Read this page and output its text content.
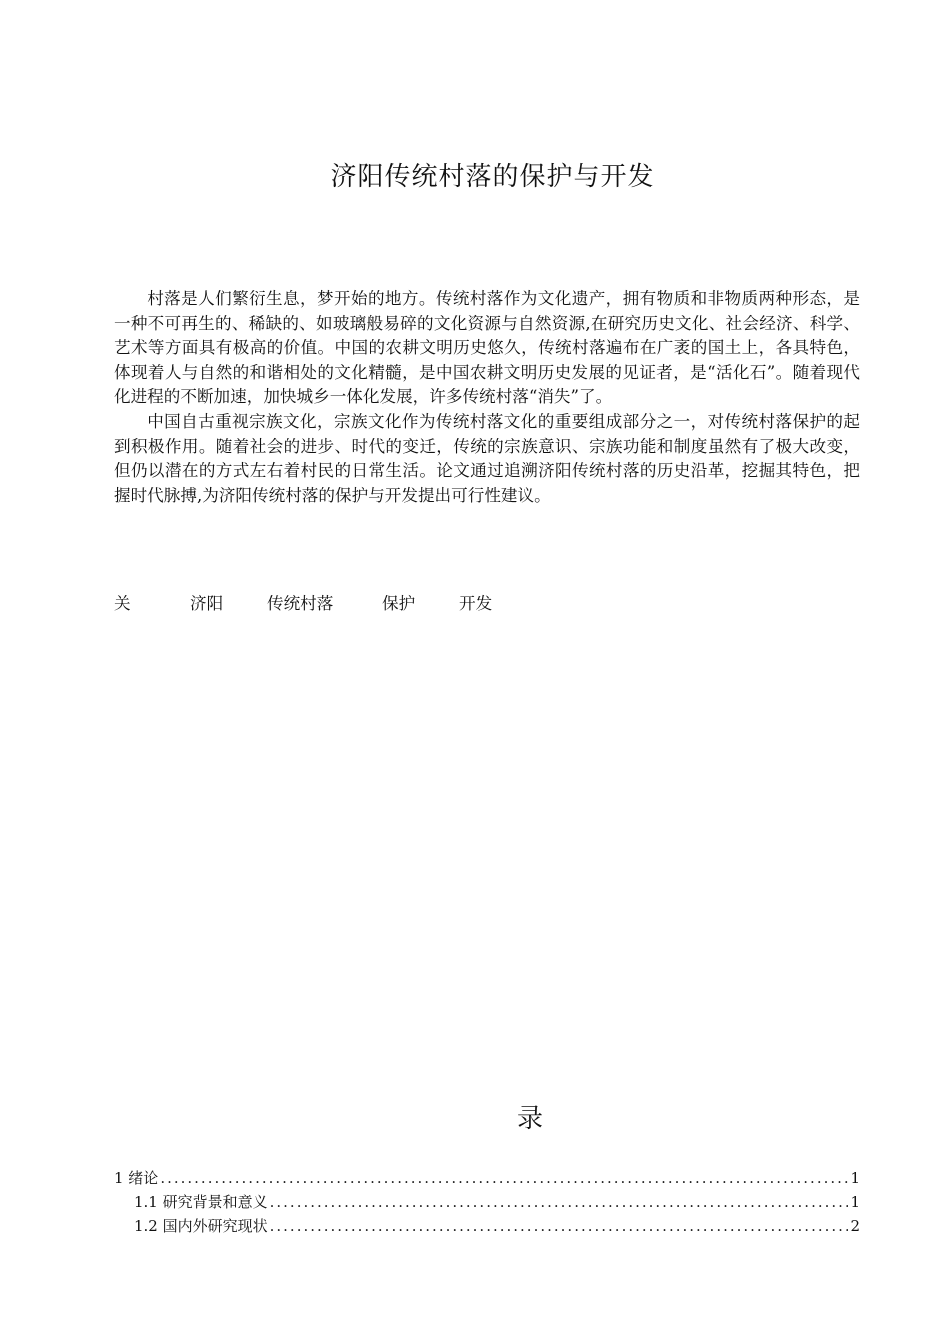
济阳传统村落的保护与开发

村落是人们繁衍生息，梦开始的地方。传统村落作为文化遗产，拥有物质和非物质两种形态，是一种不可再生的、稀缺的、如玻璃般易碎的文化资源与自然资源,在研究历史文化、社会经济、科学、艺术等方面具有极高的价值。中国的农耕文明历史悠久，传统村落遍布在广袤的国土上，各具特色，体现着人与自然的和谐相处的文化精髓，是中国农耕文明历史发展的见证者，是“活化石”。随着现代化进程的不断加速，加快城乡一体化发展，许多传统村落“消失”了。

中国自古重视宗族文化，宗族文化作为传统村落文化的重要组成部分之一，对传统村落保护的起到积极作用。随着社会的进步、时代的变迁，传统的宗族意识、宗族功能和制度虽然有了极大改变，但仍以潜在的方式左右着村民的日常生活。论文通过追溯济阳传统村落的历史沿革，挖掘其特色，把握时代脉搏,为济阳传统村落的保护与开发提出可行性建议。

关	济阳	传统村落	保护	开发
录
1 绪论 .....	1
1.1 研究背景和意义 .....	1
1.2 国内外研究现状 .....	2
